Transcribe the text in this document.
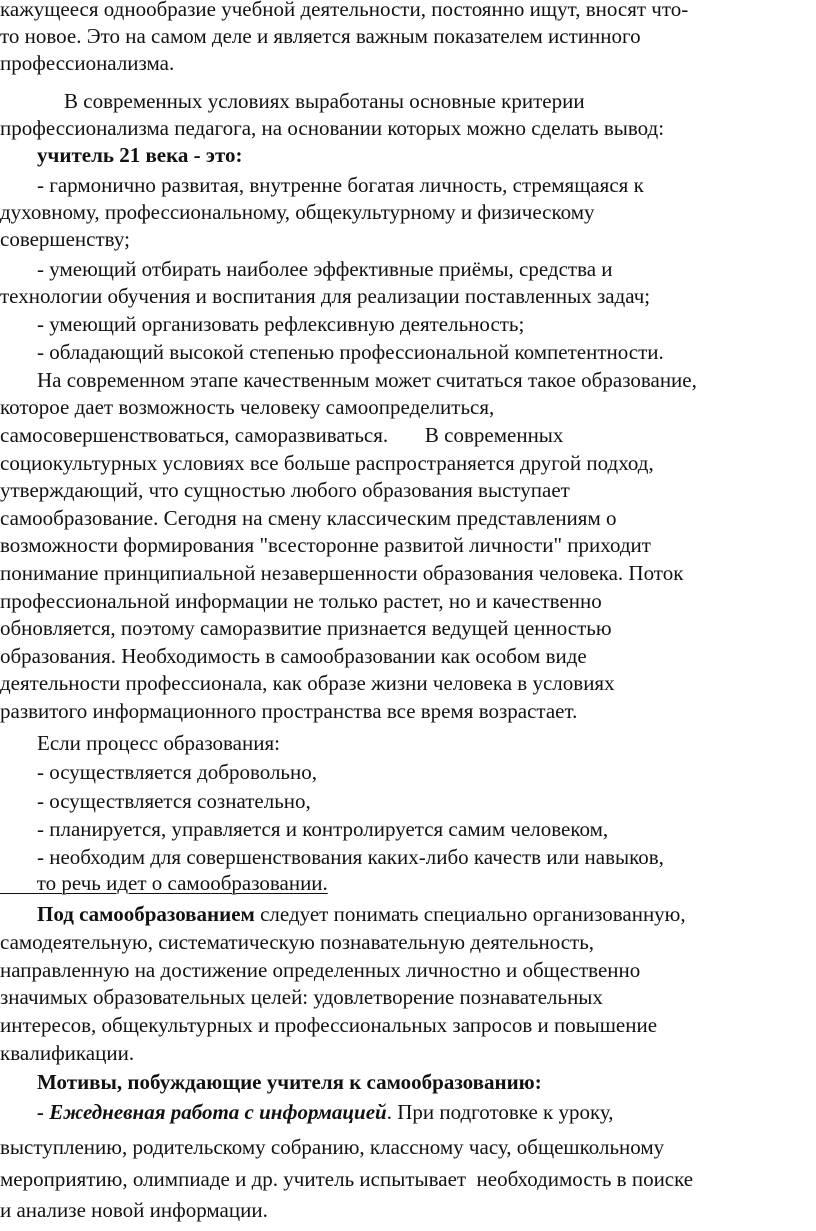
кажущееся однообразие учебной деятельности, постоянно ищут, вносят что-
то новое. Это на самом деле и является важным показателем истинного
профессионализма.
В современных условиях выработаны основные критерии
профессионализма педагога, на основании которых можно сделать вывод:
учитель 21 века - это:
- гармонично развитая, внутренне богатая личность, стремящаяся к
духовному, профессиональному, общекультурному и физическому
совершенству;
- умеющий отбирать наиболее эффективные приёмы, средства и
технологии обучения и воспитания для реализации поставленных задач;
- умеющий организовать рефлексивную деятельность;
- обладающий высокой степенью профессиональной компетентности.
На современном этапе качественным может считаться такое образование,
которое дает возможность человеку самоопределиться,
самосовершенствоваться, саморазвиваться.       В современных
социокультурных условиях все больше распространяется другой подход,
утверждающий, что сущностью любого образования выступает
самообразование. Сегодня на смену классическим представлениям о
возможности формирования "всесторонне развитой личности" приходит
понимание принципиальной незавершенности образования человека. Поток
профессиональной информации не только растет, но и качественно
обновляется, поэтому саморазвитие признается ведущей ценностью
образования. Необходимость в самообразовании как особом виде
деятельности профессионала, как образе жизни человека в условиях
развитого информационного пространства все время возрастает.
Если процесс образования:
- осуществляется добровольно,
- осуществляется сознательно,
- планируется, управляется и контролируется самим человеком,
- необходим для совершенствования каких-либо качеств или навыков,
то речь идет о самообразовании.
Под самообразованием следует понимать специально организованную,
самодеятельную, систематическую познавательную деятельность,
направленную на достижение определенных личностно и общественно
значимых образовательных целей: удовлетворение познавательных
интересов, общекультурных и профессиональных запросов и повышение
квалификации.
Мотивы, побуждающие учителя к самообразованию:
- Ежедневная работа с информацией. При подготовке к уроку,
выступлению, родительскому собранию, классному часу, общешкольному
мероприятию, олимпиаде и др. учитель испытывает  необходимость в поиске
и анализе новой информации.
